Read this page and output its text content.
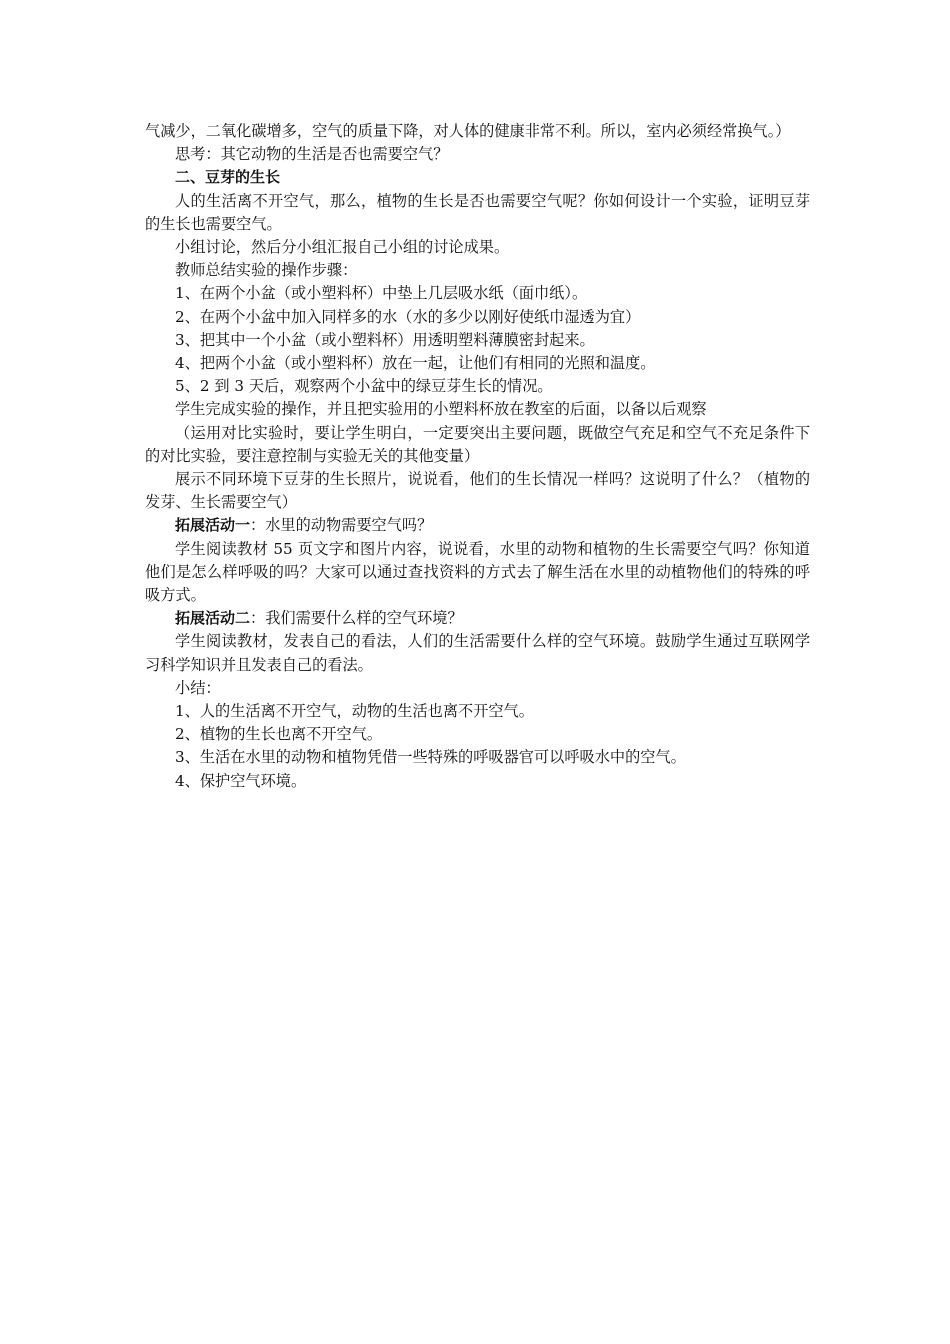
气减少，二氧化碳增多，空气的质量下降，对人体的健康非常不利。所以，室内必须经常换气。）

思考：其它动物的生活是否也需要空气？

二、豆芽的生长

人的生活离不开空气，那么，植物的生长是否也需要空气呢？你如何设计一个实验，证明豆芽的生长也需要空气。

小组讨论，然后分小组汇报自己小组的讨论成果。

教师总结实验的操作步骤：

1、在两个小盆（或小塑料杯）中垫上几层吸水纸（面巾纸）。

2、在两个小盆中加入同样多的水（水的多少以刚好使纸巾湿透为宜）

3、把其中一个小盆（或小塑料杯）用透明塑料薄膜密封起来。

4、把两个小盆（或小塑料杯）放在一起，让他们有相同的光照和温度。

5、2 到 3 天后，观察两个小盆中的绿豆芽生长的情况。

学生完成实验的操作，并且把实验用的小塑料杯放在教室的后面，以备以后观察

（运用对比实验时，要让学生明白，一定要突出主要问题，既做空气充足和空气不充足条件下的对比实验，要注意控制与实验无关的其他变量）

展示不同环境下豆芽的生长照片，说说看，他们的生长情况一样吗？这说明了什么？（植物的发芽、生长需要空气）

拓展活动一：水里的动物需要空气吗？

学生阅读教材 55 页文字和图片内容，说说看，水里的动物和植物的生长需要空气吗？你知道他们是怎么样呼吸的吗？大家可以通过查找资料的方式去了解生活在水里的动植物他们的特殊的呼吸方式。

拓展活动二：我们需要什么样的空气环境？

学生阅读教材，发表自己的看法，人们的生活需要什么样的空气环境。鼓励学生通过互联网学习科学知识并且发表自己的看法。

小结：

1、人的生活离不开空气，动物的生活也离不开空气。

2、植物的生长也离不开空气。

3、生活在水里的动物和植物凭借一些特殊的呼吸器官可以呼吸水中的空气。

4、保护空气环境。
